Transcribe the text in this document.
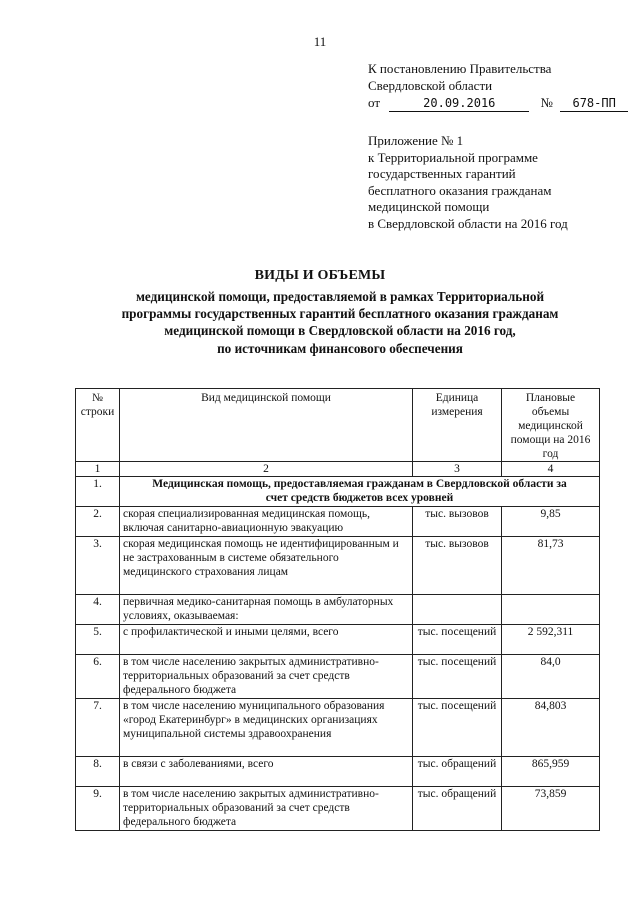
11
К постановлению Правительства
Свердловской области
от	20.09.2016	№ 678-ПП
Приложение № 1
к Территориальной программе
государственных гарантий
бесплатного оказания гражданам
медицинской помощи
в Свердловской области на 2016 год
ВИДЫ И ОБЪЕМЫ
медицинской помощи, предоставляемой в рамках Территориальной
программы государственных гарантий бесплатного оказания гражданам
медицинской помощи в Свердловской области на 2016 год,
по источникам финансового обеспечения
№ строки	Вид медицинской помощи	Единица измерения	Плановые объемы медицинской помощи на 2016 год
1	2	3	4
1.	Медицинская помощь, предоставляемая гражданам в Свердловской области за счет средств бюджетов всех уровней		
2.	скорая специализированная медицинская помощь, включая санитарно-авиационную эвакуацию	тыс. вызовов	9,85
3.	скорая медицинская помощь не идентифицированным и не застрахованным в системе обязательного медицинского страхования лицам	тыс. вызовов	81,73
4.	первичная медико-санитарная помощь в амбулаторных условиях, оказываемая:		
5.	с профилактической и иными целями, всего	тыс. посещений	2 592,311
6.	в том числе населению закрытых административно-территориальных образований за счет средств федерального бюджета	тыс. посещений	84,0
7.	в том числе населению муниципального образования «город Екатеринбург» в медицинских организациях муниципальной системы здравоохранения	тыс. посещений	84,803
8.	в связи с заболеваниями, всего	тыс. обращений	865,959
9.	в том числе населению закрытых административно-территориальных образований за счет средств федерального бюджета	тыс. обращений	73,859
